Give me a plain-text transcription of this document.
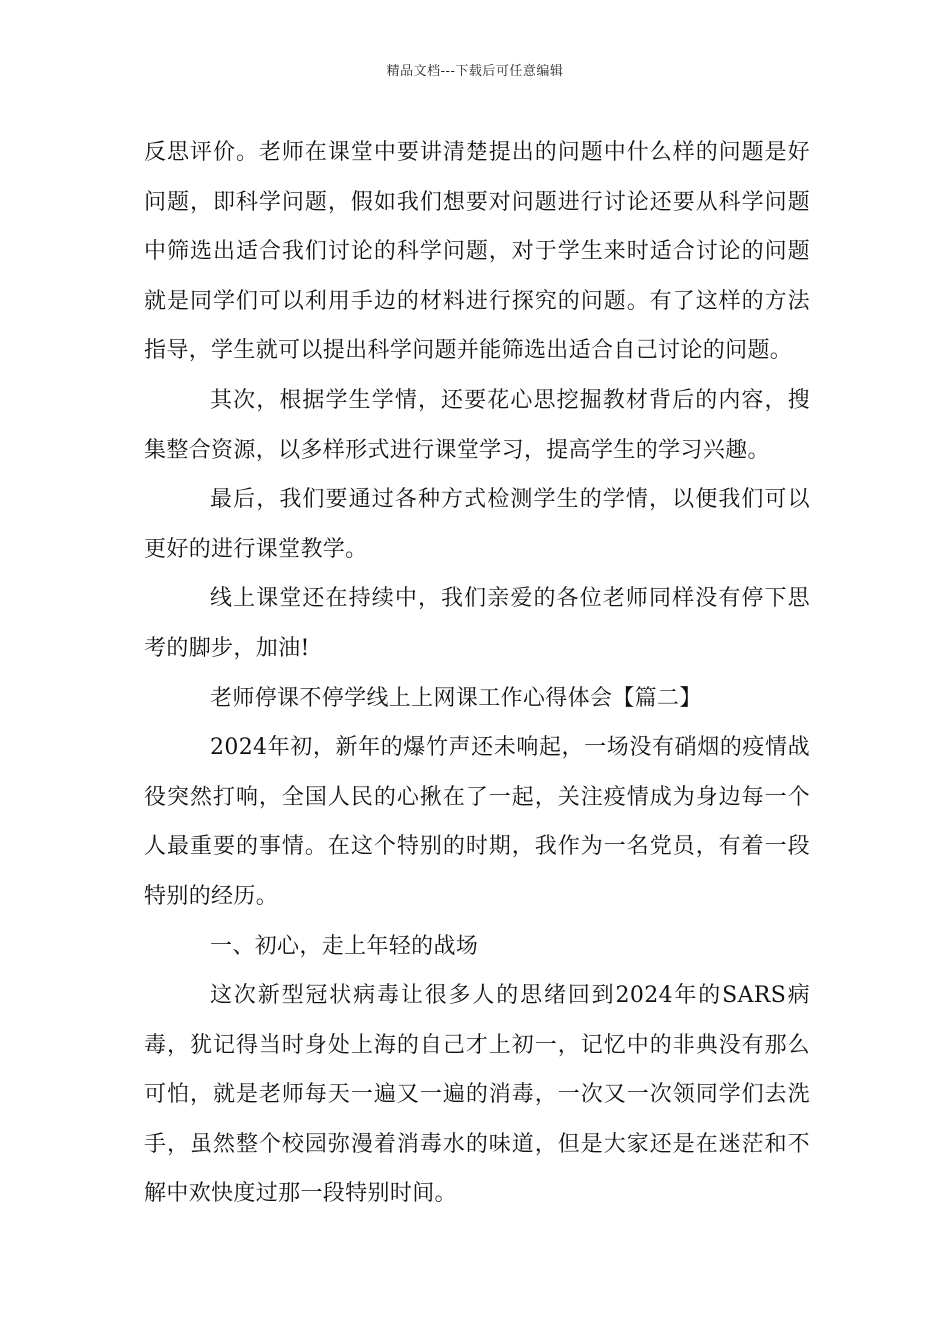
精品文档---下载后可任意编辑

反思评价。老师在课堂中要讲清楚提出的问题中什么样的问题是好问题，即科学问题，假如我们想要对问题进行讨论还要从科学问题中筛选出适合我们讨论的科学问题，对于学生来时适合讨论的问题就是同学们可以利用手边的材料进行探究的问题。有了这样的方法指导，学生就可以提出科学问题并能筛选出适合自己讨论的问题。

其次，根据学生学情，还要花心思挖掘教材背后的内容，搜集整合资源，以多样形式进行课堂学习，提高学生的学习兴趣。

最后，我们要通过各种方式检测学生的学情，以便我们可以更好的进行课堂教学。

线上课堂还在持续中，我们亲爱的各位老师同样没有停下思考的脚步，加油!

老师停课不停学线上上网课工作心得体会【篇二】

2024年初，新年的爆竹声还未响起，一场没有硝烟的疫情战役突然打响，全国人民的心揪在了一起，关注疫情成为身边每一个人最重要的事情。在这个特别的时期，我作为一名党员，有着一段特别的经历。

一、初心，走上年轻的战场

这次新型冠状病毒让很多人的思绪回到2024年的SARS病毒，犹记得当时身处上海的自己才上初一，记忆中的非典没有那么可怕，就是老师每天一遍又一遍的消毒，一次又一次领同学们去洗手，虽然整个校园弥漫着消毒水的味道，但是大家还是在迷茫和不解中欢快度过那一段特别时间。
